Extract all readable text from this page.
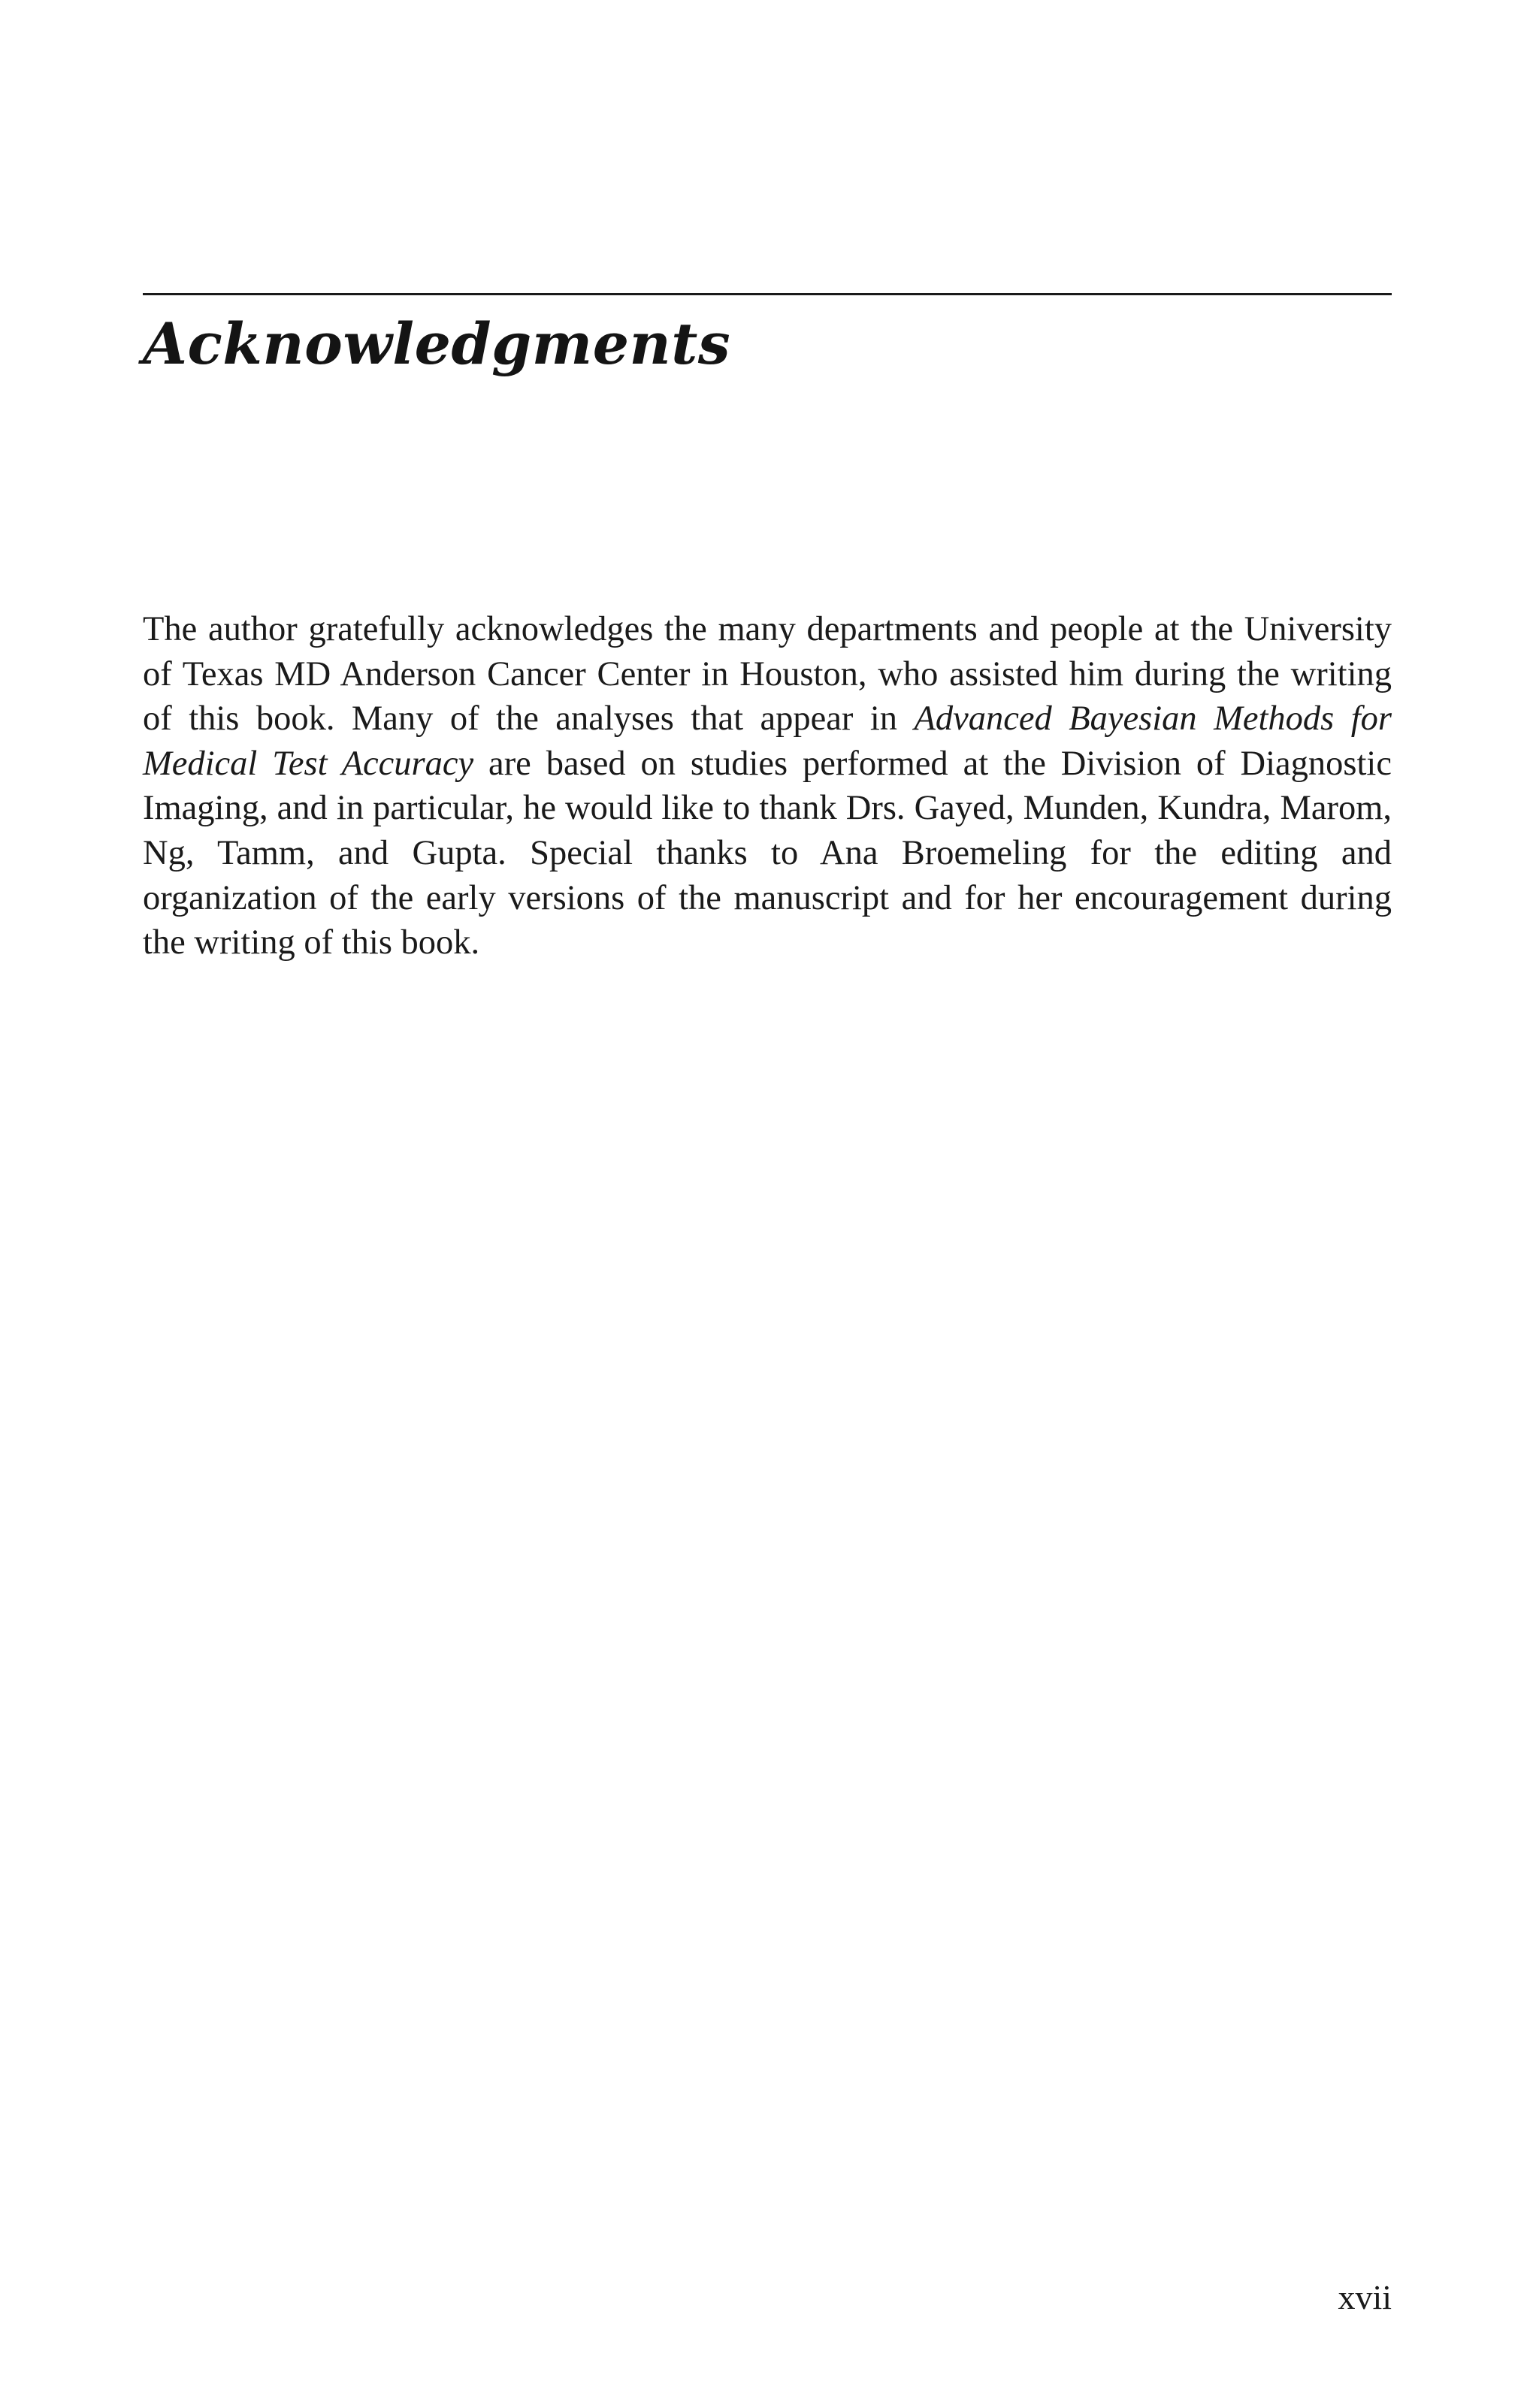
Acknowledgments

The author gratefully acknowledges the many departments and people at the University of Texas MD Anderson Cancer Center in Houston, who assisted him during the writing of this book. Many of the analyses that appear in Advanced Bayesian Methods for Medical Test Accuracy are based on studies performed at the Division of Diagnostic Imaging, and in particular, he would like to thank Drs. Gayed, Munden, Kundra, Marom, Ng, Tamm, and Gupta. Special thanks to Ana Broemeling for the editing and organization of the early versions of the manuscript and for her encouragement during the writing of this book.

xvii
